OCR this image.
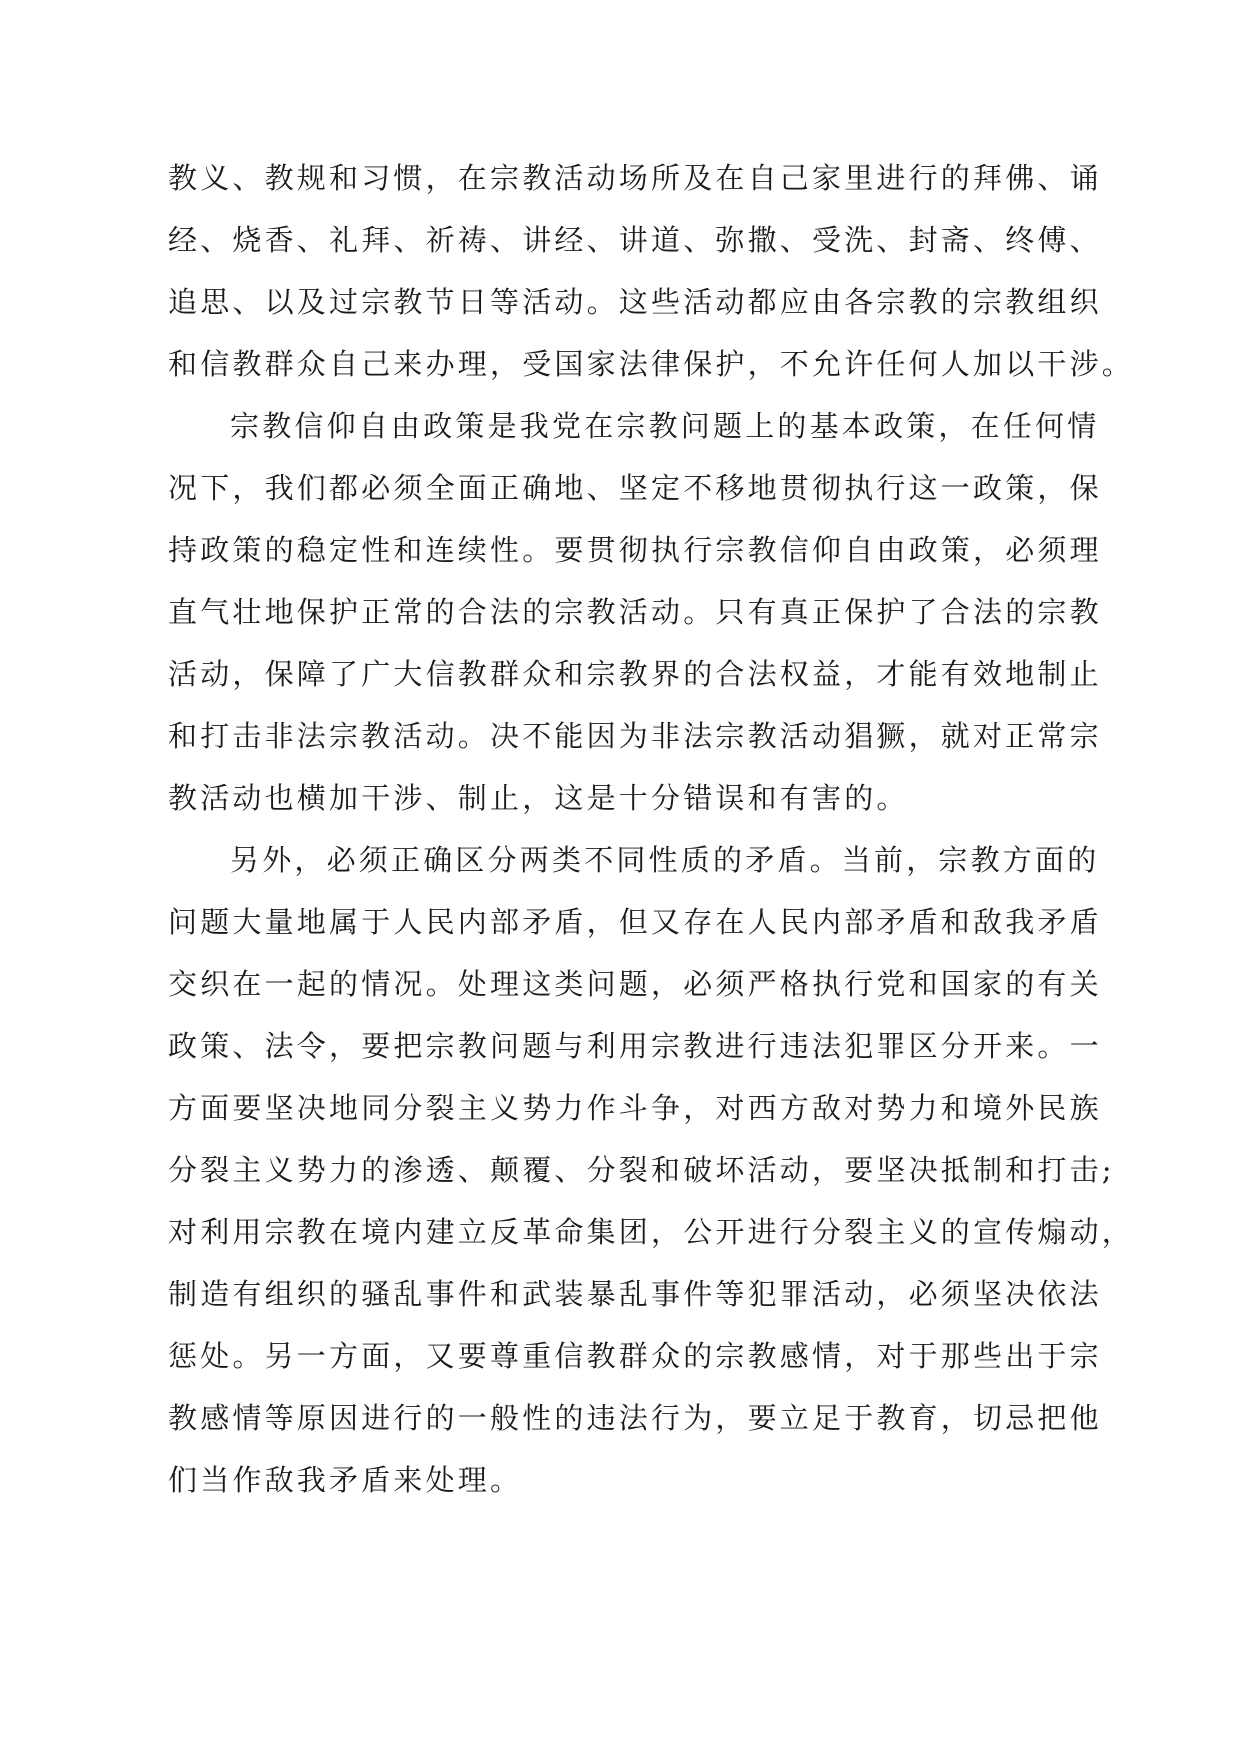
教义、教规和习惯，在宗教活动场所及在自己家里进行的拜佛、诵
经、烧香、礼拜、祈祷、讲经、讲道、弥撒、受洗、封斋、终傅、
追思、以及过宗教节日等活动。这些活动都应由各宗教的宗教组织
和信教群众自己来办理，受国家法律保护，不允许任何人加以干涉。
宗教信仰自由政策是我党在宗教问题上的基本政策，在任何情
况下，我们都必须全面正确地、坚定不移地贯彻执行这一政策，保
持政策的稳定性和连续性。要贯彻执行宗教信仰自由政策，必须理
直气壮地保护正常的合法的宗教活动。只有真正保护了合法的宗教
活动，保障了广大信教群众和宗教界的合法权益，才能有效地制止
和打击非法宗教活动。决不能因为非法宗教活动猖獗，就对正常宗
教活动也横加干涉、制止，这是十分错误和有害的。
另外，必须正确区分两类不同性质的矛盾。当前，宗教方面的
问题大量地属于人民内部矛盾，但又存在人民内部矛盾和敌我矛盾
交织在一起的情况。处理这类问题，必须严格执行党和国家的有关
政策、法令，要把宗教问题与利用宗教进行违法犯罪区分开来。一
方面要坚决地同分裂主义势力作斗争，对西方敌对势力和境外民族
分裂主义势力的渗透、颠覆、分裂和破坏活动，要坚决抵制和打击;
对利用宗教在境内建立反革命集团，公开进行分裂主义的宣传煽动，
制造有组织的骚乱事件和武装暴乱事件等犯罪活动，必须坚决依法
惩处。另一方面，又要尊重信教群众的宗教感情，对于那些出于宗
教感情等原因进行的一般性的违法行为，要立足于教育，切忌把他
们当作敌我矛盾来处理。
